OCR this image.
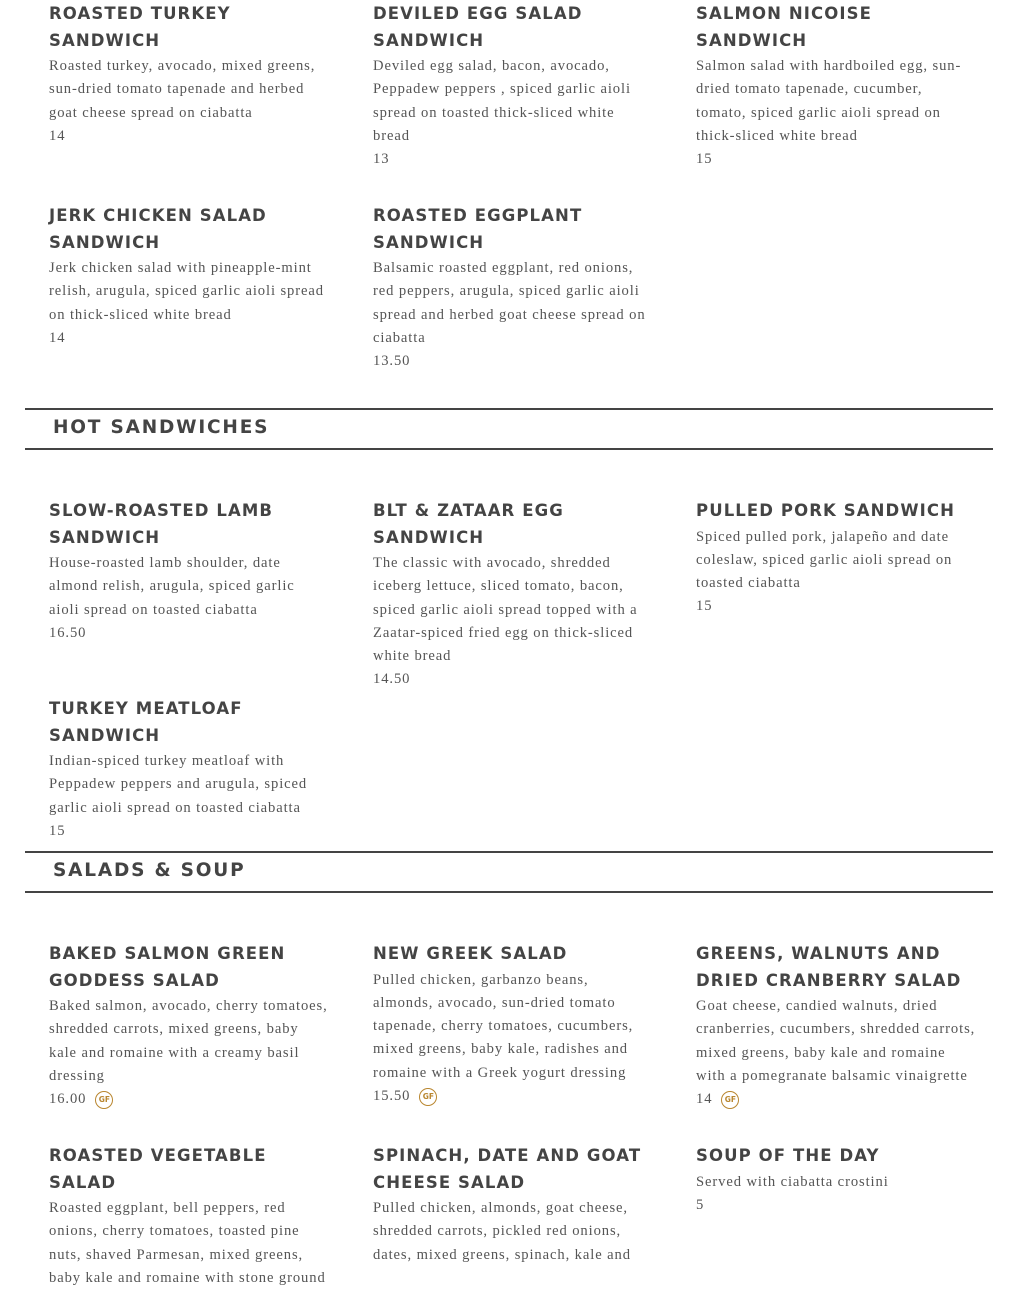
ROASTED TURKEY SANDWICH
Roasted turkey, avocado, mixed greens, sun-dried tomato tapenade and herbed goat cheese spread on ciabatta
14
DEVILED EGG SALAD SANDWICH
Deviled egg salad, bacon, avocado, Peppadew peppers , spiced garlic aioli spread on toasted thick-sliced white bread
13
SALMON NICOISE SANDWICH
Salmon salad with hardboiled egg, sun-dried tomato tapenade, cucumber, tomato, spiced garlic aioli spread on thick-sliced white bread
15
JERK CHICKEN SALAD SANDWICH
Jerk chicken salad with pineapple-mint relish, arugula, spiced garlic aioli spread on thick-sliced white bread
14
ROASTED EGGPLANT SANDWICH
Balsamic roasted eggplant, red onions, red peppers, arugula, spiced garlic aioli spread and herbed goat cheese spread on ciabatta
13.50
HOT SANDWICHES
SLOW-ROASTED LAMB SANDWICH
House-roasted lamb shoulder, date almond relish, arugula, spiced garlic aioli spread on toasted ciabatta
16.50
BLT & ZATAAR EGG SANDWICH
The classic with avocado, shredded iceberg lettuce, sliced tomato, bacon, spiced garlic aioli spread topped with a Zaatar-spiced fried egg on thick-sliced white bread
14.50
PULLED PORK SANDWICH
Spiced pulled pork, jalapeño and date coleslaw, spiced garlic aioli spread on toasted ciabatta
15
TURKEY MEATLOAF SANDWICH
Indian-spiced turkey meatloaf with Peppadew peppers and arugula, spiced garlic aioli spread on toasted ciabatta
15
SALADS & SOUP
BAKED SALMON GREEN GODDESS SALAD
Baked salmon, avocado, cherry tomatoes, shredded carrots, mixed greens, baby kale and romaine with a creamy basil dressing
16.00	GF
NEW GREEK SALAD
Pulled chicken, garbanzo beans, almonds, avocado, sun-dried tomato tapenade, cherry tomatoes, cucumbers, mixed greens, baby kale, radishes and romaine with a Greek yogurt dressing
15.50	GF
GREENS, WALNUTS AND DRIED CRANBERRY SALAD
Goat cheese, candied walnuts, dried cranberries, cucumbers, shredded carrots, mixed greens, baby kale and romaine with a pomegranate balsamic vinaigrette
14	GF
ROASTED VEGETABLE SALAD
Roasted eggplant, bell peppers, red onions, cherry tomatoes, toasted pine nuts, shaved Parmesan, mixed greens, baby kale and romaine with stone ground
SPINACH, DATE AND GOAT CHEESE SALAD
Pulled chicken, almonds, goat cheese, shredded carrots, pickled red onions, dates, mixed greens, spinach, kale and
SOUP OF THE DAY
Served with ciabatta crostini
5
